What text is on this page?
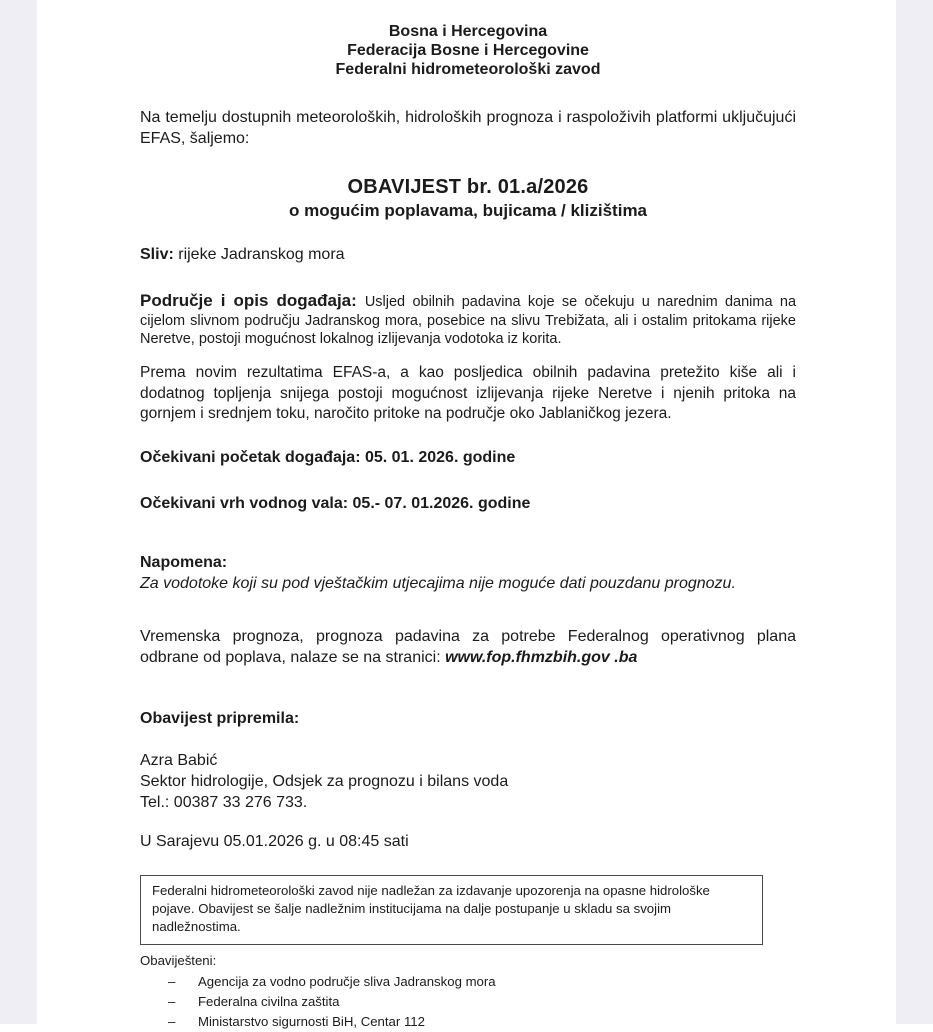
Bosna i Hercegovina
Federacija Bosne i Hercegovine
Federalni hidrometeorološki zavod

Na temelju dostupnih meteoroloških, hidroloških prognoza i raspoloživih platformi uključujući EFAS, šaljemo:

OBAVIJEST br. 01.a/2026
o mogućim poplavama, bujicama / klizištima
Sliv: rijeke Jadranskog mora

Područje i opis događaja: Usljed obilnih padavina koje se očekuju u narednim danima na cijelom slivnom području Jadranskog mora, posebice na slivu Trebižata, ali i ostalim pritokama rijeke Neretve, postoji mogućnost lokalnog izlijevanja vodotoka iz korita.

Prema novim rezultatima EFAS-a, a kao posljedica obilnih padavina pretežito kiše ali i dodatnog topljenja snijega postoji mogućnost izlijevanja rijeke Neretve i njenih pritoka na gornjem i srednjem toku, naročito pritoke na područje oko Jablaničkog jezera.

Očekivani početak događaja: 05. 01. 2026. godine
Očekivani vrh vodnog vala: 05.- 07. 01.2026. godine
Napomena:
Za vodotoke koji su pod vještačkim utjecajima nije moguće dati pouzdanu prognozu.

Vremenska prognoza, prognoza padavina za potrebe Federalnog operativnog plana odbrane od poplava, nalaze se na stranici: www.fop.fhmzbih.gov .ba

Obavijest pripremila:
Azra Babić
Sektor hidrologije, Odsjek za prognozu i bilans voda
Tel.: 00387 33 276 733.
U Sarajevu 05.01.2026 g. u 08:45 sati
Federalni hidrometeorološki zavod nije nadležan za izdavanje upozorenja na opasne hidrološke pojave. Obavijest se šalje nadležnim institucijama na dalje postupanje u skladu sa svojim nadležnostima.
Obaviješteni:
–	Agencija za vodno područje sliva Jadranskog mora
–	Federalna civilna zaštita
–	Ministarstvo sigurnosti BiH, Centar 112
